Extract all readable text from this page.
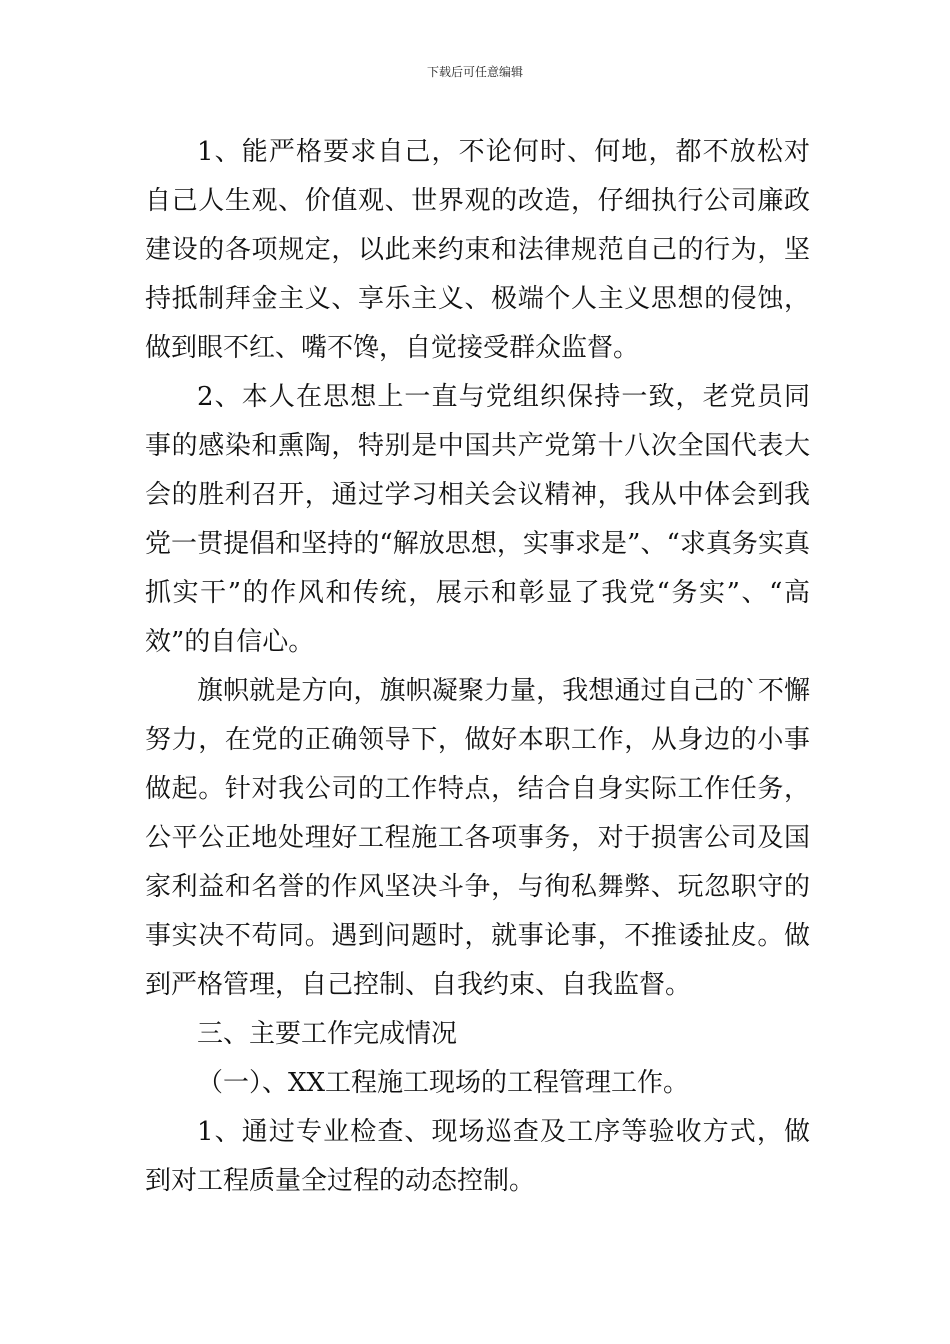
下载后可任意编辑

1、能严格要求自己，不论何时、何地，都不放松对自己人生观、价值观、世界观的改造，仔细执行公司廉政建设的各项规定，以此来约束和法律规范自己的行为，坚持抵制拜金主义、享乐主义、极端个人主义思想的侵蚀，做到眼不红、嘴不馋，自觉接受群众监督。

2、本人在思想上一直与党组织保持一致，老党员同事的感染和熏陶，特别是中国共产党第十八次全国代表大会的胜利召开，通过学习相关会议精神，我从中体会到我党一贯提倡和坚持的“解放思想，实事求是”、“求真务实真抓实干”的作风和传统，展示和彰显了我党“务实”、“高效”的自信心。

旗帜就是方向，旗帜凝聚力量，我想通过自己的`不懈努力，在党的正确领导下，做好本职工作，从身边的小事做起。针对我公司的工作特点，结合自身实际工作任务，公平公正地处理好工程施工各项事务，对于损害公司及国家利益和名誉的作风坚决斗争，与徇私舞弊、玩忽职守的事实决不苟同。遇到问题时，就事论事，不推诿扯皮。做到严格管理，自己控制、自我约束、自我监督。

三、主要工作完成情况

（一）、XX工程施工现场的工程管理工作。

1、通过专业检查、现场巡查及工序等验收方式，做到对工程质量全过程的动态控制。
